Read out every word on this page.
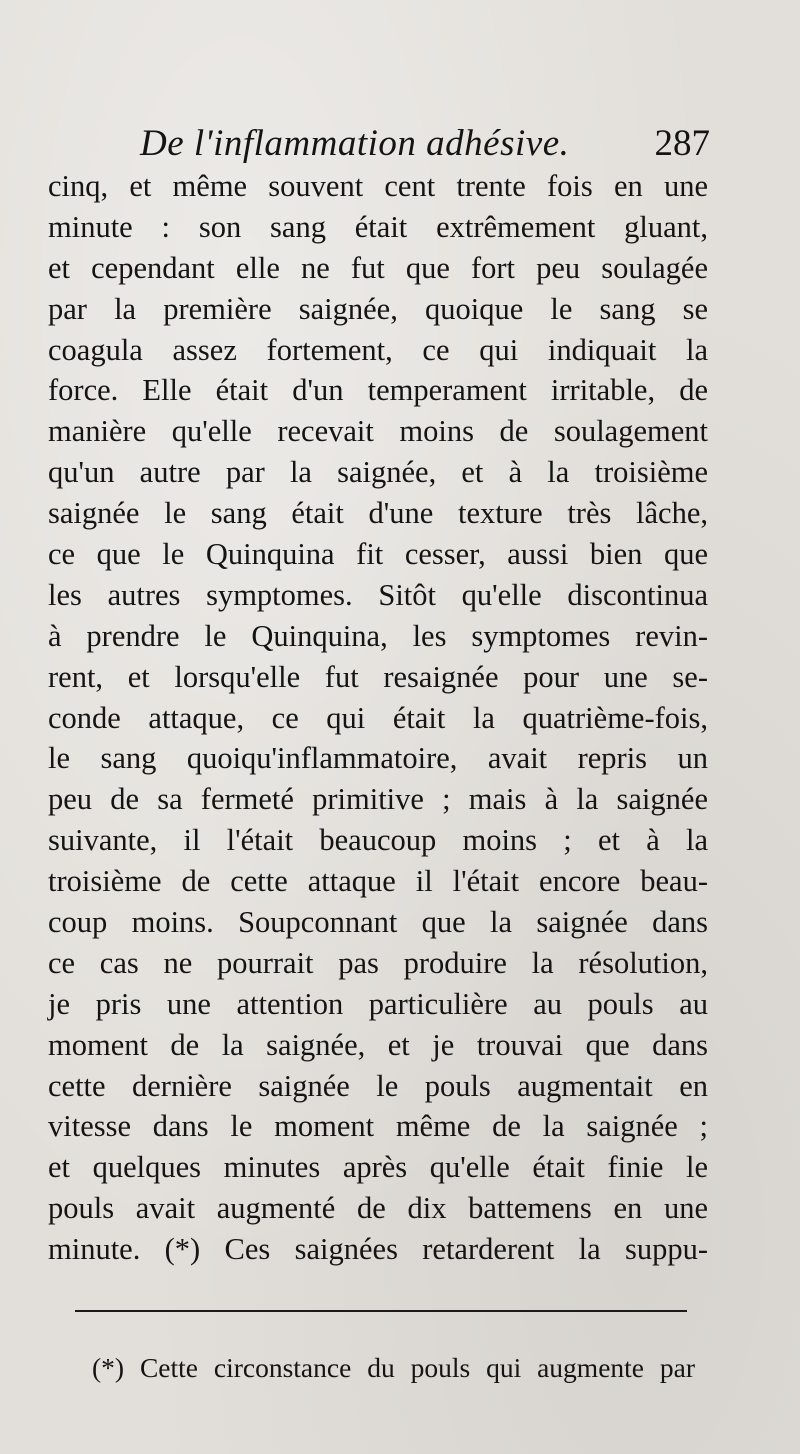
De l'inflammation adhésive. 287
cinq, et même souvent cent trente fois en une
minute : son sang était extrêmement gluant,
et cependant elle ne fut que fort peu soulagée
par la première saignée, quoique le sang se
coagula assez fortement, ce qui indiquait la
force. Elle était d'un temperament irritable, de
manière qu'elle recevait moins de soulagement
qu'un autre par la saignée, et à la troisième
saignée le sang était d'une texture très lâche,
ce que le Quinquina fit cesser, aussi bien que
les autres symptomes. Sitôt qu'elle discontinua
à prendre le Quinquina, les symptomes revin-
rent, et lorsqu'elle fut resaignée pour une se-
conde attaque, ce qui était la quatrième-fois,
le sang quoiqu'inflammatoire, avait repris un
peu de sa fermeté primitive ; mais à la saignée
suivante, il l'était beaucoup moins ; et à la
troisième de cette attaque il l'était encore beau-
coup moins. Soupconnant que la saignée dans
ce cas ne pourrait pas produire la résolution,
je pris une attention particulière au pouls au
moment de la saignée, et je trouvai que dans
cette dernière saignée le pouls augmentait en
vitesse dans le moment même de la saignée ;
et quelques minutes après qu'elle était finie le
pouls avait augmenté de dix battemens en une
minute. (*) Ces saignées retarderent la suppu-
(*) Cette circonstance du pouls qui augmente par
